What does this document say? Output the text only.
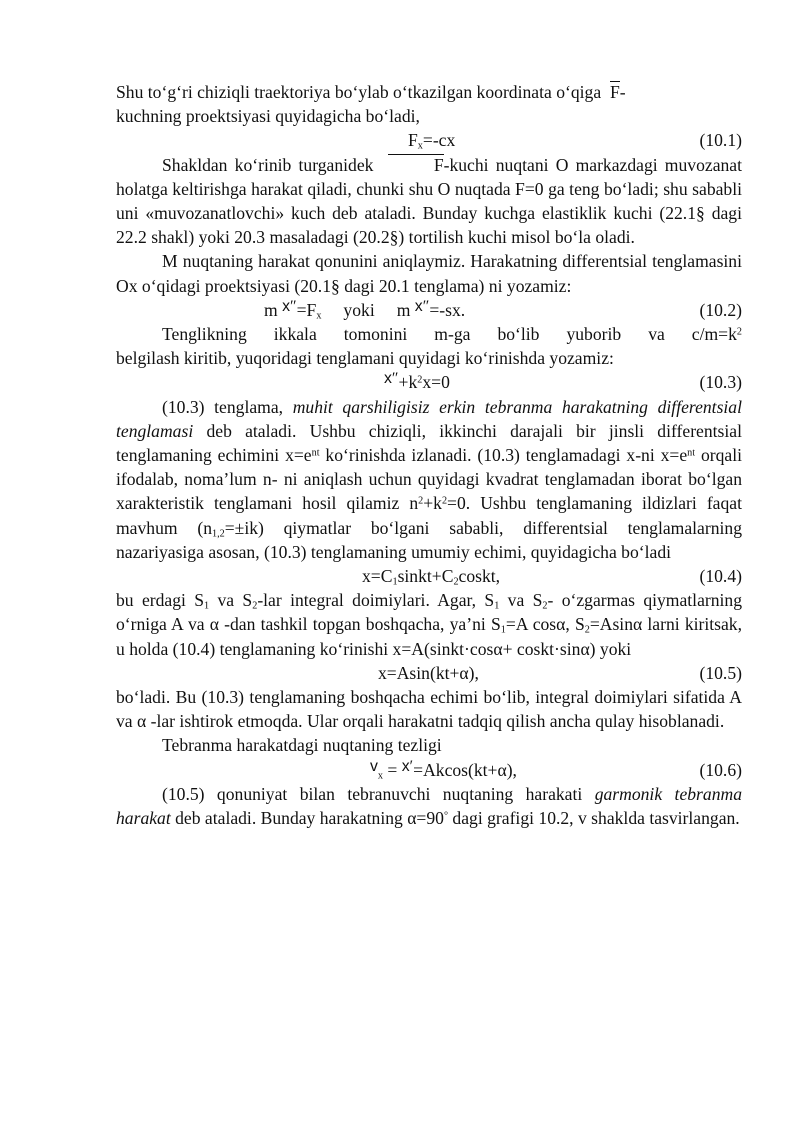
Shu to‘g‘ri chiziqli traektoriya bo‘ylab o‘tkazilgan koordinata o‘qiga F-
kuchning proektsiyasi quyidagicha bo‘ladi,
$F_x=-cx$	(10.1)
Shakldan ko‘rinib turganidek	F-kuchi nuqtani O markazdagi muvozanat holatga keltirishga harakat qiladi, chunki shu O nuqtada F=0 ga teng bo‘ladi; shu sababli uni «muvozanatlovchi» kuch deb ataladi. Bunday kuchga elastiklik kuchi (22.1§ dagi 22.2 shakl) yoki 20.3 masaladagi (20.2§) tortilish kuchi misol bo‘la oladi.
M nuqtaning harakat qonunini aniqlaymiz. Harakatning differentsial tenglamasini Ox o‘qidagi proektsiyasi (20.1§ dagi 20.1 tenglama) ni yozamiz:
m $x''=F_x$ yoki m x″=-sx.	(10.2)
Tenglikning ikkala tomonini m-ga bo‘lib yuborib va $c/m=k^2$
belgilash kiritib, yuqoridagi tenglamani quyidagi ko‘rinishda yozamiz:
$x''+k^2x=0$	(10.3)
(10.3) tenglama, muhit qarshiligisiz erkin tebranma harakatning differentsial tenglamasi deb ataladi. Ushbu chiziqli, ikkinchi darajali bir jinsli differentsial tenglamaning echimini $x=e^{nt}$ ko‘rinishda izlanadi. (10.3) tenglamadagi x-ni $x=e^{nt}$ orqali ifodalab, noma’lum n- ni aniqlash uchun quyidagi kvadrat tenglamadan iborat bo‘lgan xarakteristik tenglamani hosil qilamiz $n^2+k^2=0$. Ushbu tenglamaning ildizlari faqat mavhum $(n_{1,2}=\pm ik)$ qiymatlar bo‘lgani sababli, differentsial tenglamalarning nazariyasiga asosan, (10.3) tenglamaning umumiy echimi, quyidagicha bo‘ladi
$x=C_1sinkt+C_2coskt$,	(10.4)
bu erdagi $S_1$ va $S_2$-lar integral doimiylari. Agar, $S_1$ va $S_2-$ o‘zgarmas qiymatlarning o‘rniga A va α -dan tashkil topgan boshqacha, ya’ni $S_1=A$ cosα, $S_2=Asin\alpha$ larni kiritsak, u holda (10.4) tenglamaning ko‘rinishi x=A(sinkt·cosα+ coskt·sinα) yoki
x=Asin(kt+α),	(10.5)
bo‘ladi. Bu (10.3) tenglamaning boshqacha echimi bo‘lib, integral doimiylari sifatida A va α -lar ishtirok etmoqda. Ular orqali harakatni tadqiq qilish ancha qulay hisoblanadi.
Tebranma harakatdagi nuqtaning tezligi
$v_x = x'=Akcos(kt+\alpha)$,	(10.6)
(10.5) qonuniyat bilan tebranuvchi nuqtaning harakati garmonik tebranma harakat deb ataladi. Bunday harakatning α=90° dagi grafigi 10.2, v shaklda tasvirlangan.
